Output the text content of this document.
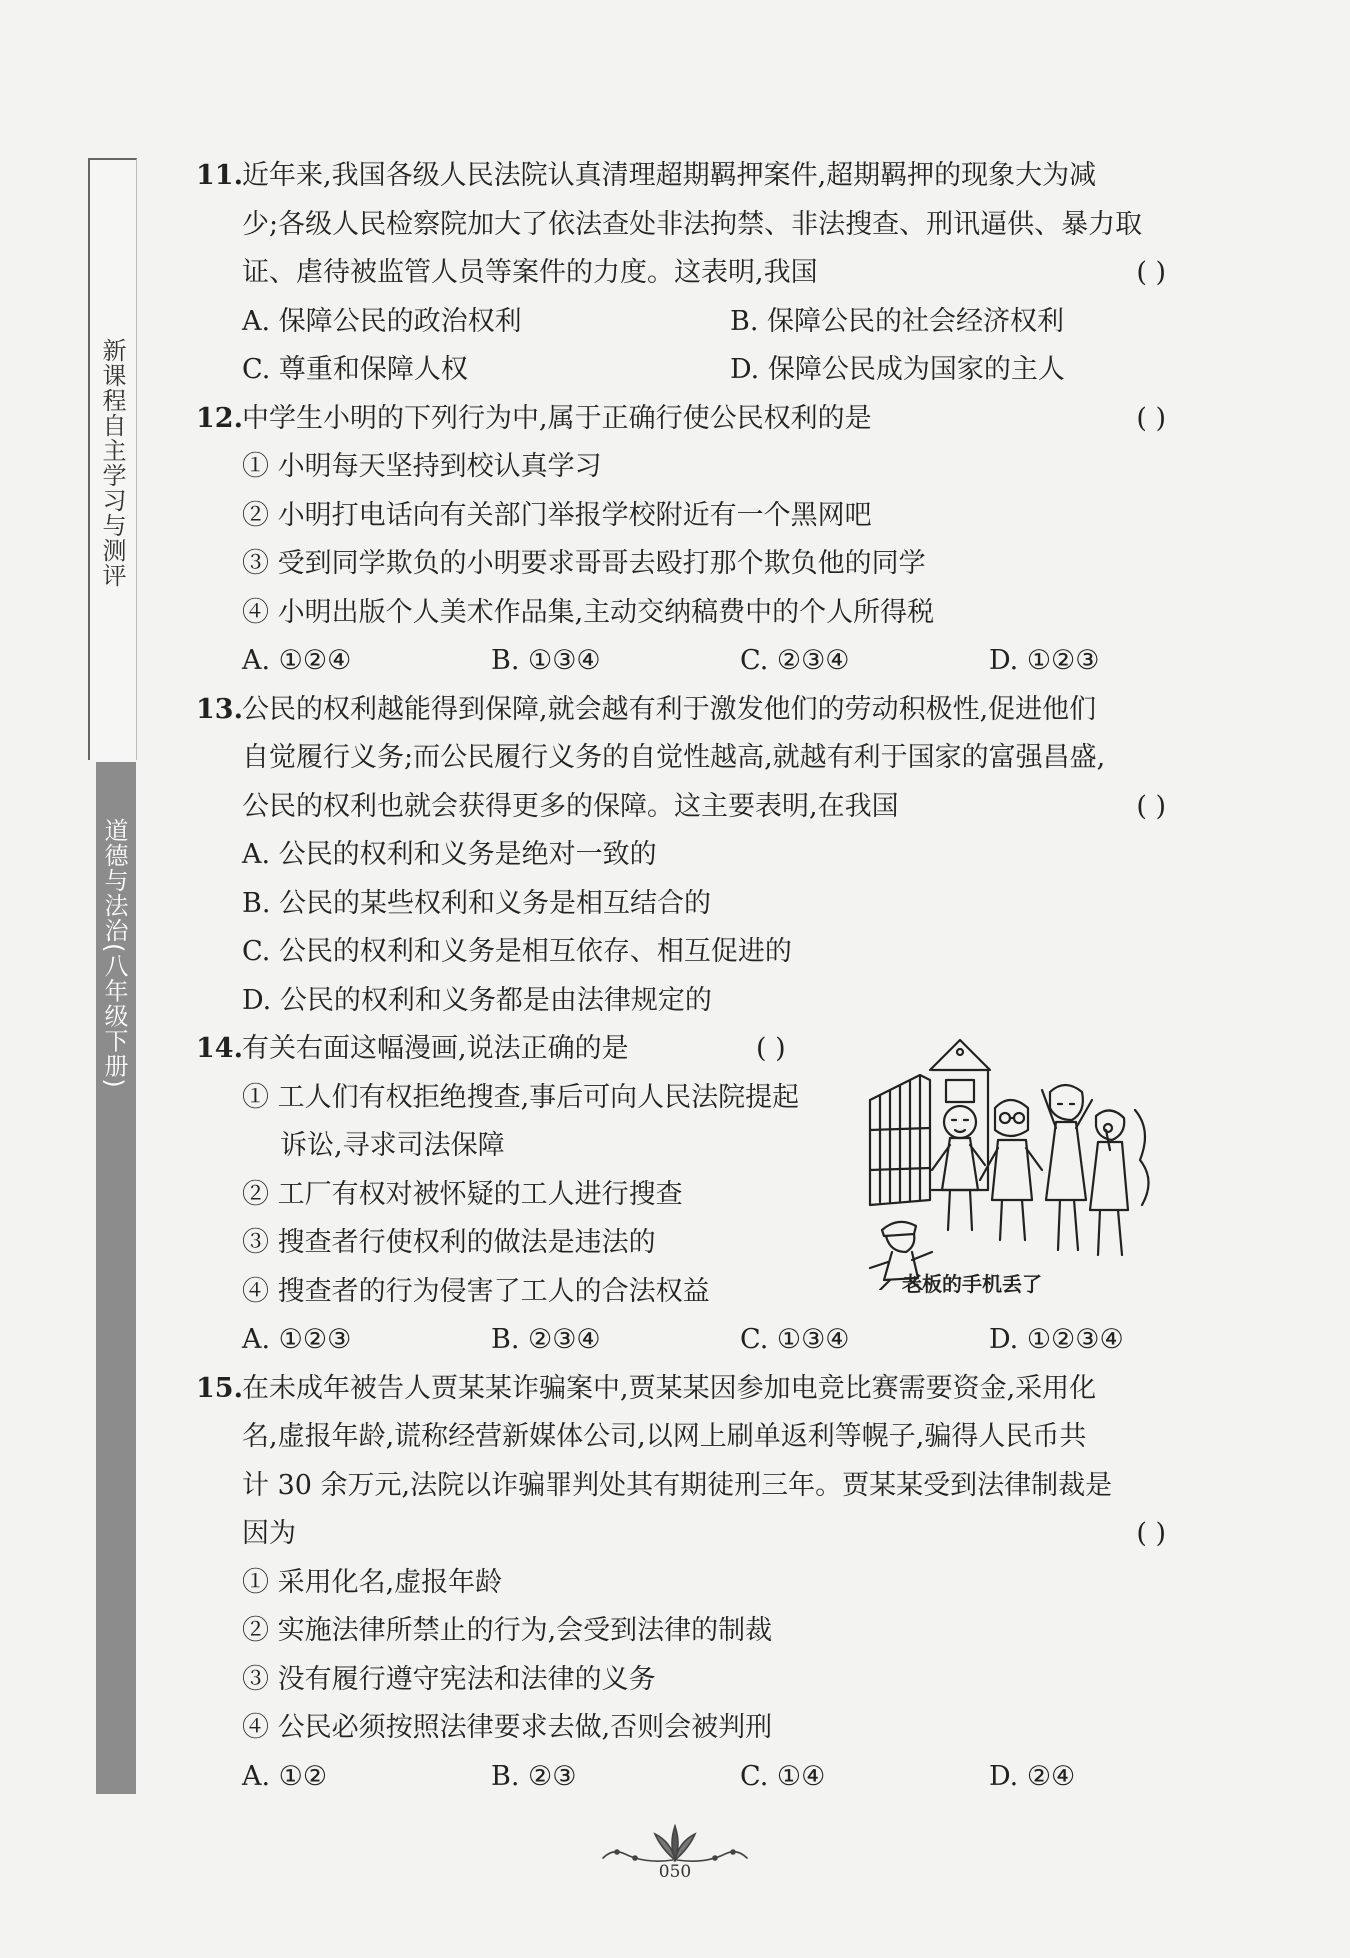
新课程自主学习与测评
道德与法治(八年级下册)
11.近年来,我国各级人民法院认真清理超期羁押案件,超期羁押的现象大为减
少;各级人民检察院加大了依法查处非法拘禁、非法搜查、刑讯逼供、暴力取
证、虐待被监管人员等案件的力度。这表明,我国	( )
A. 保障公民的政治权利	B. 保障公民的社会经济权利
C. 尊重和保障人权	D. 保障公民成为国家的主人
12.中学生小明的下列行为中,属于正确行使公民权利的是	( )
① 小明每天坚持到校认真学习
② 小明打电话向有关部门举报学校附近有一个黑网吧
③ 受到同学欺负的小明要求哥哥去殴打那个欺负他的同学
④ 小明出版个人美术作品集,主动交纳稿费中的个人所得税
A. ①②④	B. ①③④	C. ②③④	D. ①②③
13.公民的权利越能得到保障,就会越有利于激发他们的劳动积极性,促进他们
自觉履行义务;而公民履行义务的自觉性越高,就越有利于国家的富强昌盛,
公民的权利也就会获得更多的保障。这主要表明,在我国	( )
A. 公民的权利和义务是绝对一致的
B. 公民的某些权利和义务是相互结合的
C. 公民的权利和义务是相互依存、相互促进的
D. 公民的权利和义务都是由法律规定的
14.有关右面这幅漫画,说法正确的是	( )
① 工人们有权拒绝搜查,事后可向人民法院提起
诉讼,寻求司法保障
② 工厂有权对被怀疑的工人进行搜查
③ 搜查者行使权利的做法是违法的
④ 搜查者的行为侵害了工人的合法权益
A. ①②③	B. ②③④	C. ①③④	D. ①②③④
15.在未成年被告人贾某某诈骗案中,贾某某因参加电竞比赛需要资金,采用化
名,虚报年龄,谎称经营新媒体公司,以网上刷单返利等幌子,骗得人民币共
计 30 余万元,法院以诈骗罪判处其有期徒刑三年。贾某某受到法律制裁是
因为	( )
① 采用化名,虚报年龄
② 实施法律所禁止的行为,会受到法律的制裁
③ 没有履行遵守宪法和法律的义务
④ 公民必须按照法律要求去做,否则会被判刑
A. ①②	B. ②③	C. ①④	D. ②④
老板的手机丢了
050
